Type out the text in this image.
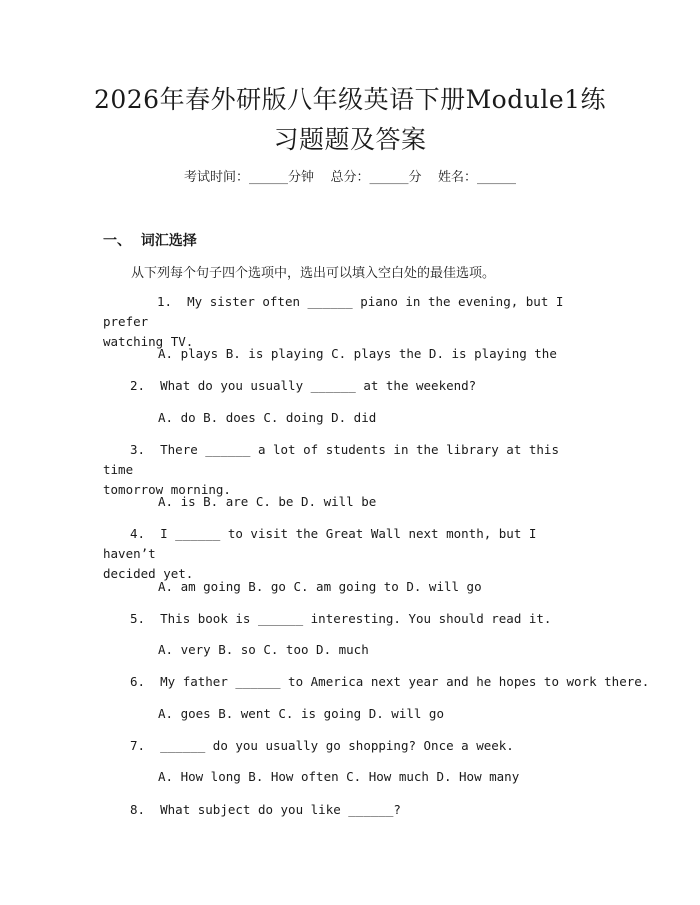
2026年春外研版八年级英语下册Module1练
习题题及答案
考试时间：______分钟    总分：______分    姓名：______
一、  词汇选择
从下列每个句子四个选项中，选出可以填入空白处的最佳选项。
1. My sister often ______ piano in the evening, but I prefer
watching TV.
A. plays B. is playing C. plays the D. is playing the
2. What do you usually ______ at the weekend?
A. do B. does C. doing D. did
3. There ______ a lot of students in the library at this time
tomorrow morning.
A. is B. are C. be D. will be
4. I ______ to visit the Great Wall next month, but I haven’t
decided yet.
A. am going B. go C. am going to D. will go
5. This book is ______ interesting. You should read it.
A. very B. so C. too D. much
6. My father ______ to America next year and he hopes to work there.
A. goes B. went C. is going D. will go
7. ______ do you usually go shopping? Once a week.
A. How long B. How often C. How much D. How many
8. What subject do you like ______?
